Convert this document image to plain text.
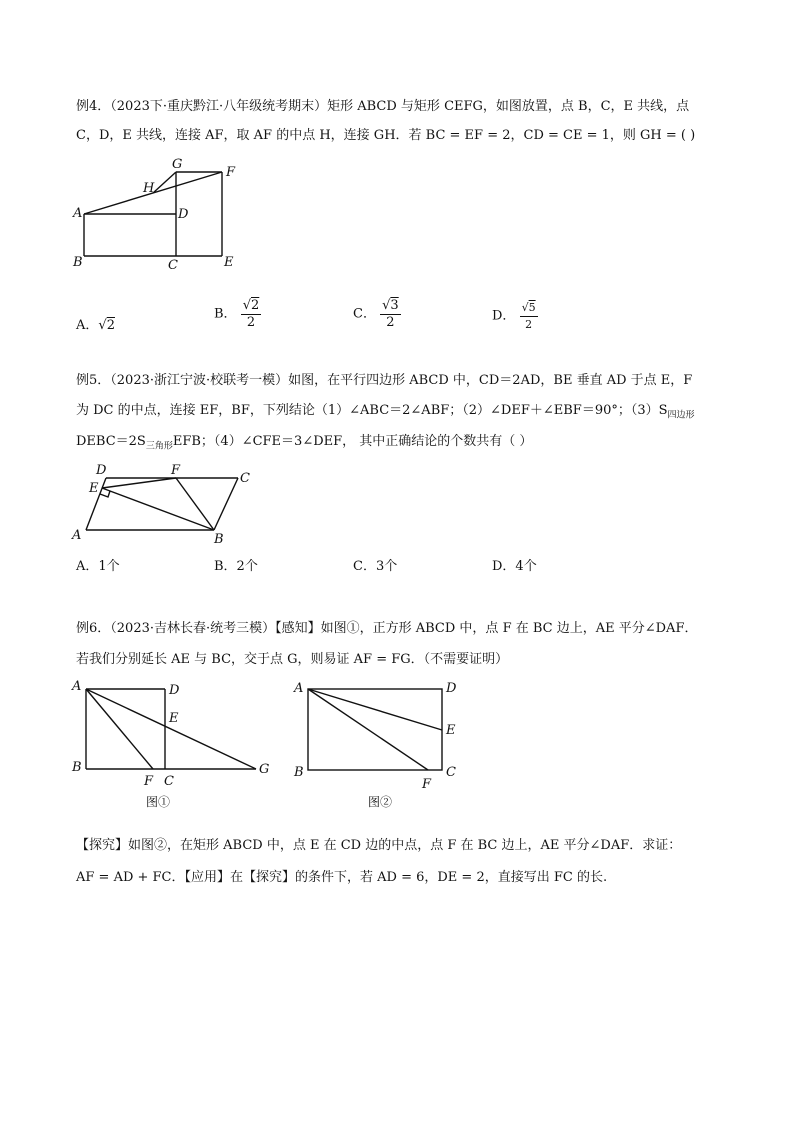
例4．（2023下·重庆黔江·八年级统考期末）矩形 ABCD 与矩形 CEFG，如图放置，点 B，C，E 共线，点
C，D，E 共线，连接 AF，取 AF 的中点 H，连接 GH．若 BC = EF = 2，CD = CE = 1，则 GH = ( )
G
F
H
A	D
B	C	E
A．√2
B． $\frac{√2}{2}$	C． $\frac{√3}{2}$	D． $\frac{√5}{2}$
例5．（2023·浙江宁波·校联考一模）如图，在平行四边形 ABCD 中，CD＝2AD，BE 垂直 AD 于点 E，F
为 DC 的中点，连接 EF，BF，下列结论（1）∠ABC＝2∠ABF；（2）∠DEF＋∠EBF＝90°；$(3)S_{四边形}$
$DEBC=2S_{三角形}EFB$；（4）∠CFE＝3∠DEF， 其中正确结论的个数共有（ ）
D	F
C
E
A	B
A．1个	B．2个	C．3个	D．4个
例6．（2023·吉林长春·统考三模）【感知】如图①，正方形 ABCD 中，点 F 在 BC 边上，AE 平分∠DAF．
若我们分别延长 AE 与 BC，交于点 G，则易证 AF = FG．（不需要证明）
A	D
E
B
F C
G
图①
A	D
E
B
F
C
图②
【探究】如图②，在矩形 ABCD 中，点 E 在 CD 边的中点，点 F 在 BC 边上，AE 平分∠DAF．求证：
AF = AD + FC．【应用】在【探究】的条件下，若 AD = 6，DE = 2，直接写出 FC 的长.
